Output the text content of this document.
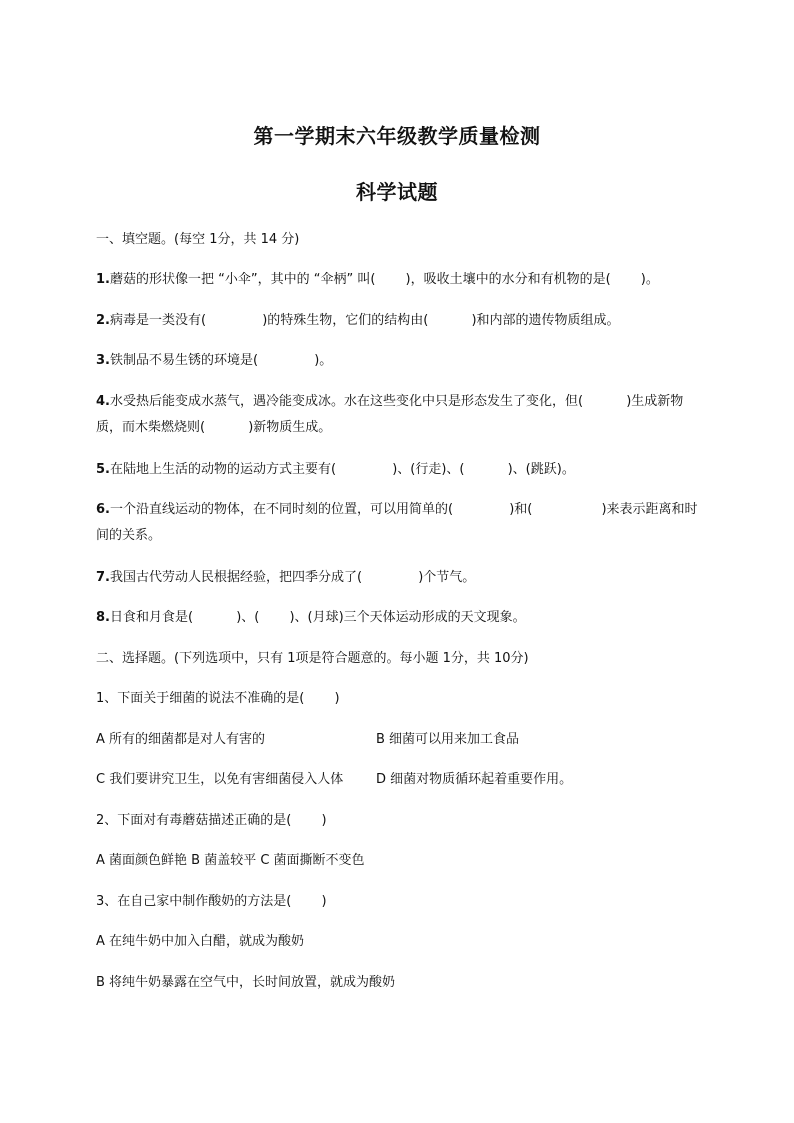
第一学期末六年级教学质量检测
科学试题
一、填空题。(每空 1分，共 14 分)
1.蘑菇的形状像一把 “小伞”，其中的 “伞柄” 叫(　　 )，吸收土壤中的水分和有机物的是(　　 )。
2.病毒是一类没有(　　　　 )的特殊生物，它们的结构由(　　　 )和内部的遗传物质组成。
3.铁制品不易生锈的环境是(　　　　 )。
4.水受热后能变成水蒸气，遇冷能变成冰。水在这些变化中只是形态发生了变化，但(　　　 )生成新物质，而木柴燃烧则(　　　 )新物质生成。
5.在陆地上生活的动物的运动方式主要有(　　　　 )、(行走)、(　　　 )、(跳跃)。
6.一个沿直线运动的物体，在不同时刻的位置，可以用简单的(　　　　 )和(　　　　　 )来表示距离和时间的关系。
7.我国古代劳动人民根据经验，把四季分成了(　　　　 )个节气。
8.日食和月食是(　　　 )、(　　 )、(月球)三个天体运动形成的天文现象。
二、选择题。(下列选项中，只有 1项是符合题意的。每小题 1分，共 10分)
1、下面关于细菌的说法不准确的是(　　 )
A 所有的细菌都是对人有害的	B 细菌可以用来加工食品
C 我们要讲究卫生，以免有害细菌侵入人体	D 细菌对物质循环起着重要作用。
2、下面对有毒蘑菇描述正确的是(　　 )
A 菌面颜色鲜艳 B 菌盖较平 C 菌面撕断不变色
3、在自己家中制作酸奶的方法是(　　 )
A 在纯牛奶中加入白醋，就成为酸奶
B 将纯牛奶暴露在空气中，长时间放置，就成为酸奶
